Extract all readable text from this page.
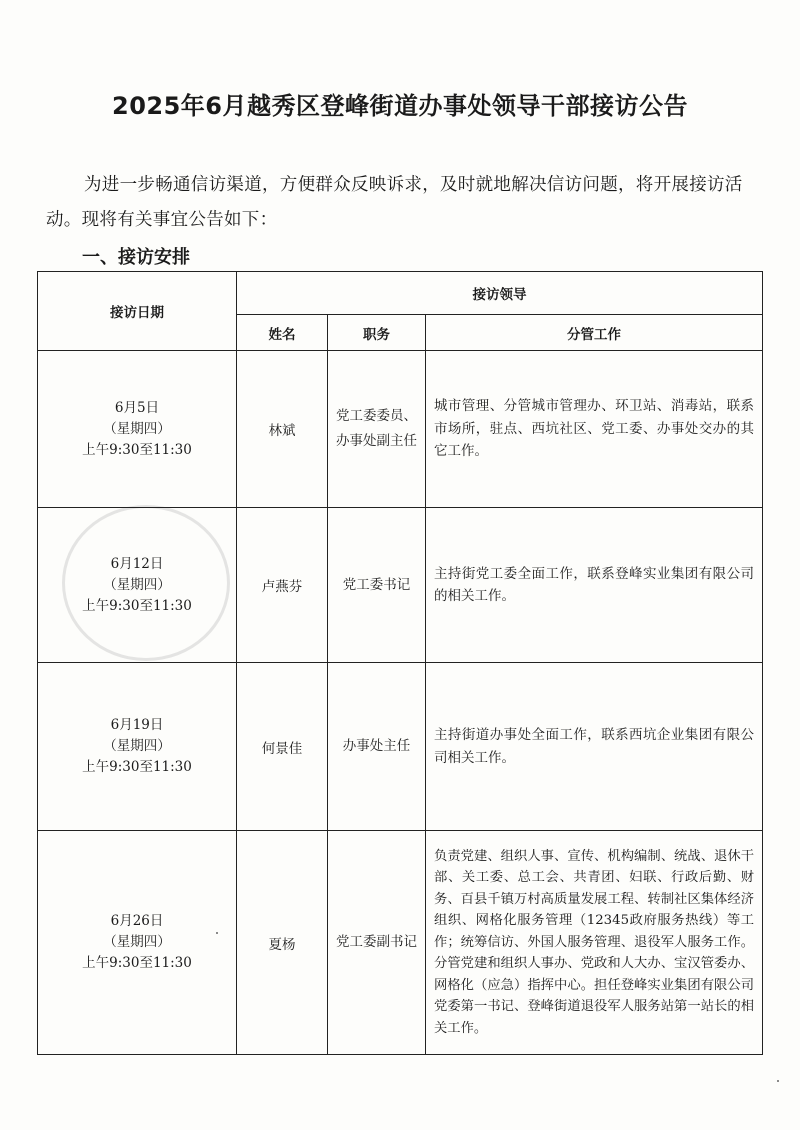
2025年6月越秀区登峰街道办事处领导干部接访公告
为进一步畅通信访渠道，方便群众反映诉求，及时就地解决信访问题，将开展接访活动。现将有关事宜公告如下：
一、接访安排
接访日期	接访领导		
	姓名	职务	分管工作

6月5日
（星期四）
上午9:30至11:30	林斌	党工委委员、办事处副主任	城市管理、分管城市管理办、环卫站、消毒站，联系市场所，驻点、西坑社区、党工委、办事处交办的其它工作。

6月12日
（星期四）
上午9:30至11:30	卢燕芬	党工委书记	主持街党工委全面工作，联系登峰实业集团有限公司的相关工作。

6月19日
（星期四）
上午9:30至11:30	何景佳	办事处主任	主持街道办事处全面工作，联系西坑企业集团有限公司相关工作。

6月26日
（星期四）
上午9:30至11:30	夏杨	党工委副书记	负责党建、组织人事、宣传、机构编制、统战、退休干部、关工委、总工会、共青团、妇联、行政后勤、财务、百县千镇万村高质量发展工程、转制社区集体经济组织、网格化服务管理（12345政府服务热线）等工作；统筹信访、外国人服务管理、退役军人服务工作。分管党建和组织人事办、党政和人大办、宝汉管委办、网格化（应急）指挥中心。担任登峰实业集团有限公司党委第一书记、登峰街道退役军人服务站第一站长的相关工作。
